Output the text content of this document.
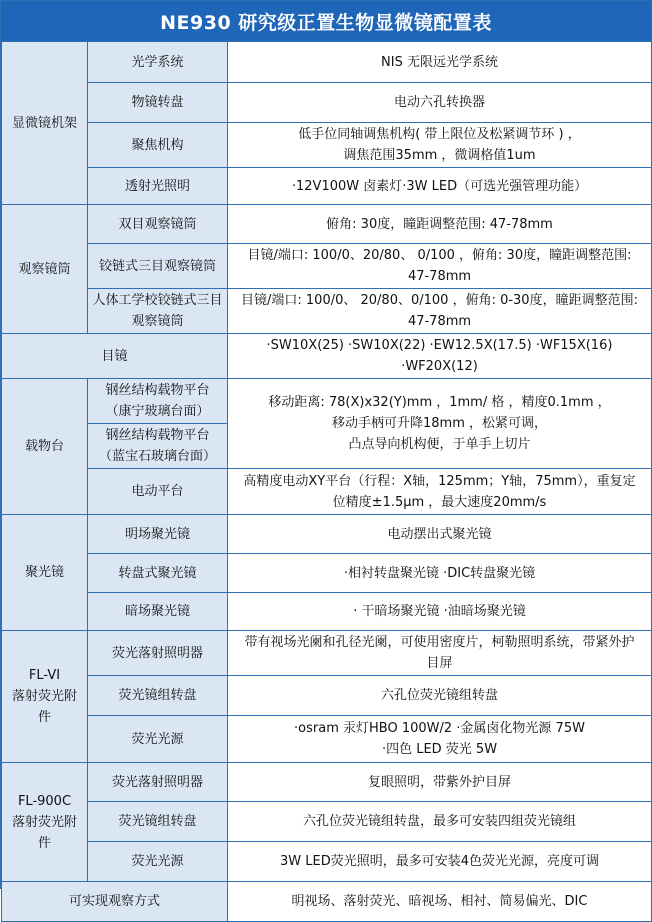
NE930 研究级正置生物显微镜配置表
显微镜机架	光学系统	NIS 无限远光学系统

	物镜转盘	电动六孔转换器

	聚焦机构	低手位同轴调焦机构( 带上限位及松紧调节环 ) ，
调焦范围35mm ，微调格值1um

	透射光照明	·12V100W 卤素灯·3W LED（可选光强管理功能）

观察镜筒	双目观察镜筒	俯角: 30度，瞳距调整范围: 47-78mm

	铰链式三目观察镜筒	目镜/端口: 100/0、20/80、 0/100 ，俯角: 30度，瞳距调整范围:
47-78mm

	人体工学校铰链式三目
观察镜筒	目镜/端口: 100/0、 20/80、0/100 ，俯角: 0-30度，瞳距调整范围:
47-78mm

目镜		·SW10X(25) ·SW10X(22) ·EW12.5X(17.5) ·WF15X(16)
·WF20X(12)

载物台	钢丝结构载物平台
（康宁玻璃台面）	移动距离: 78(X)x32(Y)mm ，1mm/ 格 ，精度0.1mm ，
移动手柄可升降18mm ，松紧可调，
凸点导向机构便，于单手上切片

	钢丝结构载物平台
（蓝宝石玻璃台面）	

	电动平台	高精度电动XY平台（行程：X轴，125mm；Y轴，75mm），重复定
位精度±1.5μm ，最大速度20mm/s

聚光镜	明场聚光镜	电动摆出式聚光镜

	转盘式聚光镜	·相衬转盘聚光镜 ·DIC转盘聚光镜

	暗场聚光镜	· 干暗场聚光镜 ·油暗场聚光镜

FL-VI
落射荧光附
件	荧光落射照明器	带有视场光阑和孔径光阑，可使用密度片，柯勒照明系统，带紧外护
目屏

	荧光镜组转盘	六孔位荧光镜组转盘

	荧光光源	·osram 汞灯HBO 100W/2 ·金属卤化物光源 75W
·四色 LED 荧光 5W

FL-900C
落射荧光附
件	荧光落射照明器	复眼照明，带紫外护目屏

	荧光镜组转盘	六孔位荧光镜组转盘，最多可安装四组荧光镜组

	荧光光源	3W LED荧光照明，最多可安装4色荧光光源，亮度可调

可实现观察方式		明视场、落射荧光、暗视场、相衬、简易偏光、DIC
